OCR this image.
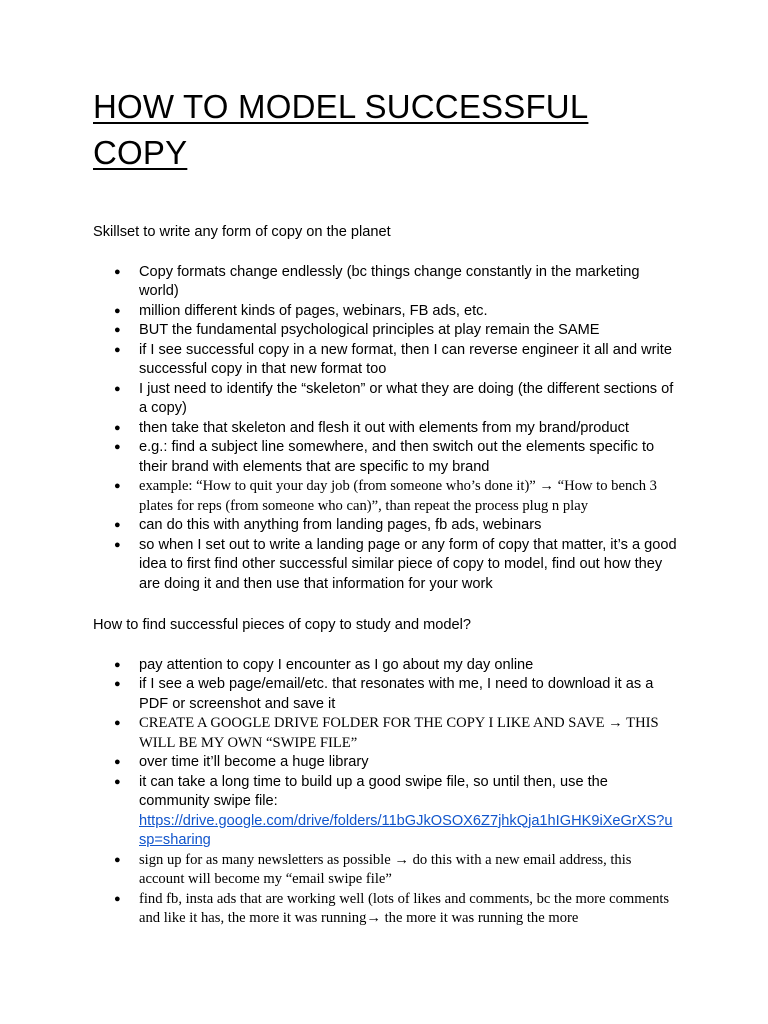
HOW TO MODEL SUCCESSFUL
COPY

Skillset to write any form of copy on the planet

● Copy formats change endlessly (bc things change constantly in the marketing world)
● million different kinds of pages, webinars, FB ads, etc.
● BUT the fundamental psychological principles at play remain the SAME
● if I see successful copy in a new format, then I can reverse engineer it all and write successful copy in that new format too
● I just need to identify the “skeleton” or what they are doing (the different sections of a copy)
● then take that skeleton and flesh it out with elements from my brand/product
● e.g.: find a subject line somewhere, and then switch out the elements specific to their brand with elements that are specific to my brand
● example: “How to quit your day job (from someone who’s done it)” → “How to bench 3 plates for reps (from someone who can)”, than repeat the process plug n play
● can do this with anything from landing pages, fb ads, webinars
● so when I set out to write a landing page or any form of copy that matter, it’s a good idea to first find other successful similar piece of copy to model, find out how they are doing it and then use that information for your work

How to find successful pieces of copy to study and model?

● pay attention to copy I encounter as I go about my day online
● if I see a web page/email/etc. that resonates with me, I need to download it as a PDF or screenshot and save it
● CREATE A GOOGLE DRIVE FOLDER FOR THE COPY I LIKE AND SAVE → THIS WILL BE MY OWN “SWIPE FILE”
● over time it’ll become a huge library
● it can take a long time to build up a good swipe file, so until then, use the community swipe file:
https://drive.google.com/drive/folders/11bGJkOSOX6Z7jhkQja1hIGHK9iXeGrXS?usp=sharing
● sign up for as many newsletters as possible → do this with a new email address, this account will become my “email swipe file”
● find fb, insta ads that are working well (lots of likes and comments, bc the more comments and like it has, the more it was running→ the more it was running the more
